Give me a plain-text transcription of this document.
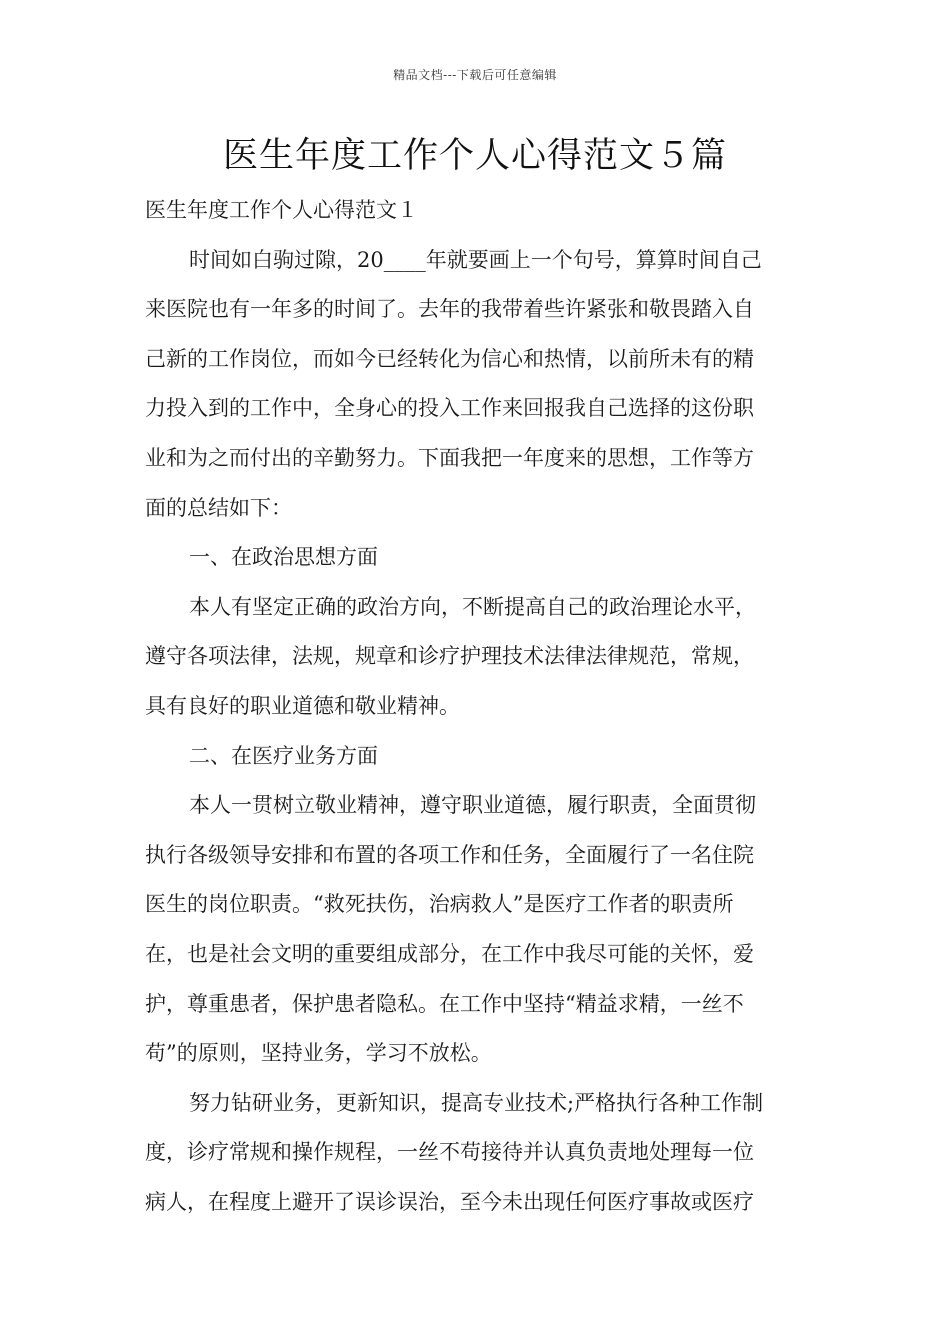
精品文档---下载后可任意编辑
医生年度工作个人心得范文５篇
医生年度工作个人心得范文１
时间如白驹过隙，20____年就要画上一个句号，算算时间自己
来医院也有一年多的时间了。去年的我带着些许紧张和敬畏踏入自
己新的工作岗位，而如今已经转化为信心和热情，以前所未有的精
力投入到的工作中，全身心的投入工作来回报我自己选择的这份职
业和为之而付出的辛勤努力。下面我把一年度来的思想，工作等方
面的总结如下：
一、在政治思想方面
本人有坚定正确的政治方向，不断提高自己的政治理论水平，
遵守各项法律，法规，规章和诊疗护理技术法律法律规范，常规，
具有良好的职业道德和敬业精神。
二、在医疗业务方面
本人一贯树立敬业精神，遵守职业道德，履行职责，全面贯彻
执行各级领导安排和布置的各项工作和任务，全面履行了一名住院
医生的岗位职责。“救死扶伤，治病救人”是医疗工作者的职责所
在，也是社会文明的重要组成部分，在工作中我尽可能的关怀，爱
护，尊重患者，保护患者隐私。在工作中坚持“精益求精，一丝不
苟”的原则，坚持业务，学习不放松。
努力钻研业务，更新知识，提高专业技术;严格执行各种工作制
度，诊疗常规和操作规程，一丝不苟接待并认真负责地处理每一位
病人，在程度上避开了误诊误治，至今未出现任何医疗事故或医疗
